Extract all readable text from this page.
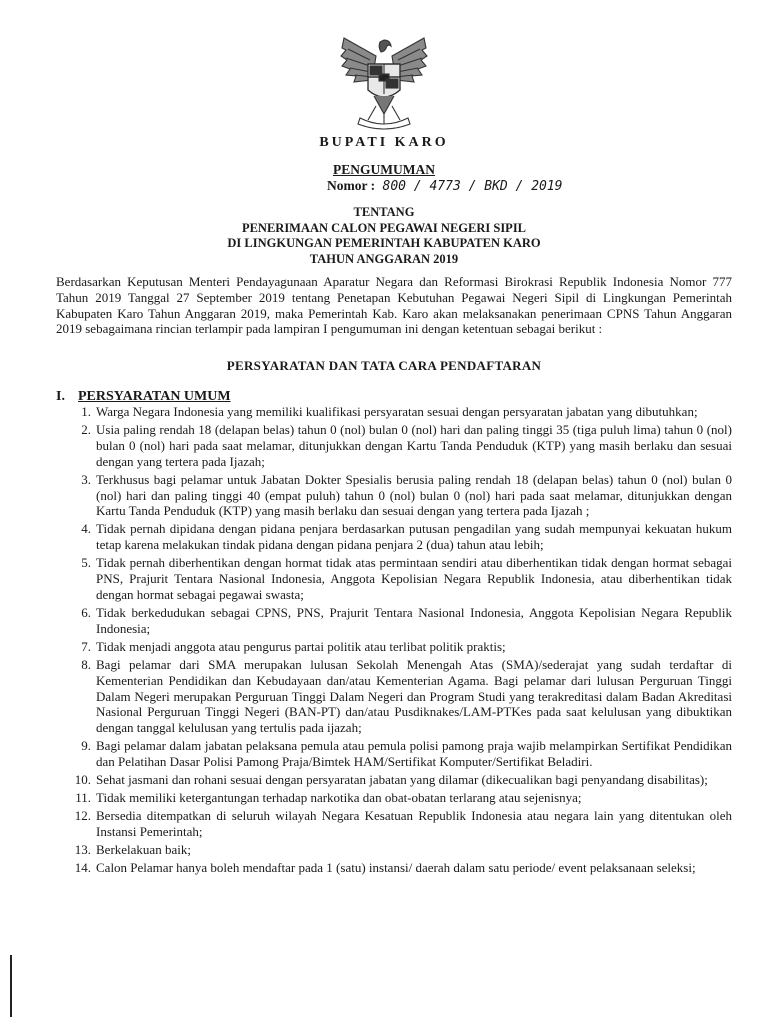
BUPATI KARO
PENGUMUMAN
Nomor : 800 / 4773 / BKD / 2019
TENTANG
PENERIMAAN CALON PEGAWAI NEGERI SIPIL
DI LINGKUNGAN PEMERINTAH KABUPATEN KARO
TAHUN ANGGARAN 2019
Berdasarkan Keputusan Menteri Pendayagunaan Aparatur Negara dan Reformasi Birokrasi Republik Indonesia Nomor 777 Tahun 2019 Tanggal 27 September 2019 tentang Penetapan Kebutuhan Pegawai Negeri Sipil di Lingkungan Pemerintah Kabupaten Karo Tahun Anggaran 2019, maka Pemerintah Kab. Karo akan melaksanakan penerimaan CPNS Tahun Anggaran 2019 sebagaimana rincian terlampir pada lampiran I pengumuman ini dengan ketentuan sebagai berikut :
PERSYARATAN DAN TATA CARA PENDAFTARAN
I. PERSYARATAN UMUM
1. Warga Negara Indonesia yang memiliki kualifikasi persyaratan sesuai dengan persyaratan jabatan yang dibutuhkan;
2. Usia paling rendah 18 (delapan belas) tahun 0 (nol) bulan 0 (nol) hari dan paling tinggi 35 (tiga puluh lima) tahun 0 (nol) bulan 0 (nol) hari pada saat melamar, ditunjukkan dengan Kartu Tanda Penduduk (KTP) yang masih berlaku dan sesuai dengan yang tertera pada Ijazah;
3. Terkhusus bagi pelamar untuk Jabatan Dokter Spesialis berusia paling rendah 18 (delapan belas) tahun 0 (nol) bulan 0 (nol) hari dan paling tinggi 40 (empat puluh) tahun 0 (nol) bulan 0 (nol) hari pada saat melamar, ditunjukkan dengan Kartu Tanda Penduduk (KTP) yang masih berlaku dan sesuai dengan yang tertera pada Ijazah ;
4. Tidak pernah dipidana dengan pidana penjara berdasarkan putusan pengadilan yang sudah mempunyai kekuatan hukum tetap karena melakukan tindak pidana dengan pidana penjara 2 (dua) tahun atau lebih;
5. Tidak pernah diberhentikan dengan hormat tidak atas permintaan sendiri atau diberhentikan tidak dengan hormat sebagai PNS, Prajurit Tentara Nasional Indonesia, Anggota Kepolisian Negara Republik Indonesia, atau diberhentikan tidak dengan hormat sebagai pegawai swasta;
6. Tidak berkedudukan sebagai CPNS, PNS, Prajurit Tentara Nasional Indonesia, Anggota Kepolisian Negara Republik Indonesia;
7. Tidak menjadi anggota atau pengurus partai politik atau terlibat politik praktis;
8. Bagi pelamar dari SMA merupakan lulusan Sekolah Menengah Atas (SMA)/sederajat yang sudah terdaftar di Kementerian Pendidikan dan Kebudayaan dan/atau Kementerian Agama. Bagi pelamar dari lulusan Perguruan Tinggi Dalam Negeri merupakan Perguruan Tinggi Dalam Negeri dan Program Studi yang terakreditasi dalam Badan Akreditasi Nasional Perguruan Tinggi Negeri (BAN-PT) dan/atau Pusdiknakes/LAM-PTKes pada saat kelulusan yang dibuktikan dengan tanggal kelulusan yang tertulis pada ijazah;
9. Bagi pelamar dalam jabatan pelaksana pemula atau pemula polisi pamong praja wajib melampirkan Sertifikat Pendidikan dan Pelatihan Dasar Polisi Pamong Praja/Bimtek HAM/Sertifikat Komputer/Sertifikat Beladiri.
10. Sehat jasmani dan rohani sesuai dengan persyaratan jabatan yang dilamar (dikecualikan bagi penyandang disabilitas);
11. Tidak memiliki ketergantungan terhadap narkotika dan obat-obatan terlarang atau sejenisnya;
12. Bersedia ditempatkan di seluruh wilayah Negara Kesatuan Republik Indonesia atau negara lain yang ditentukan oleh Instansi Pemerintah;
13. Berkelakuan baik;
14. Calon Pelamar hanya boleh mendaftar pada 1 (satu) instansi/ daerah dalam satu periode/ event pelaksanaan seleksi;
